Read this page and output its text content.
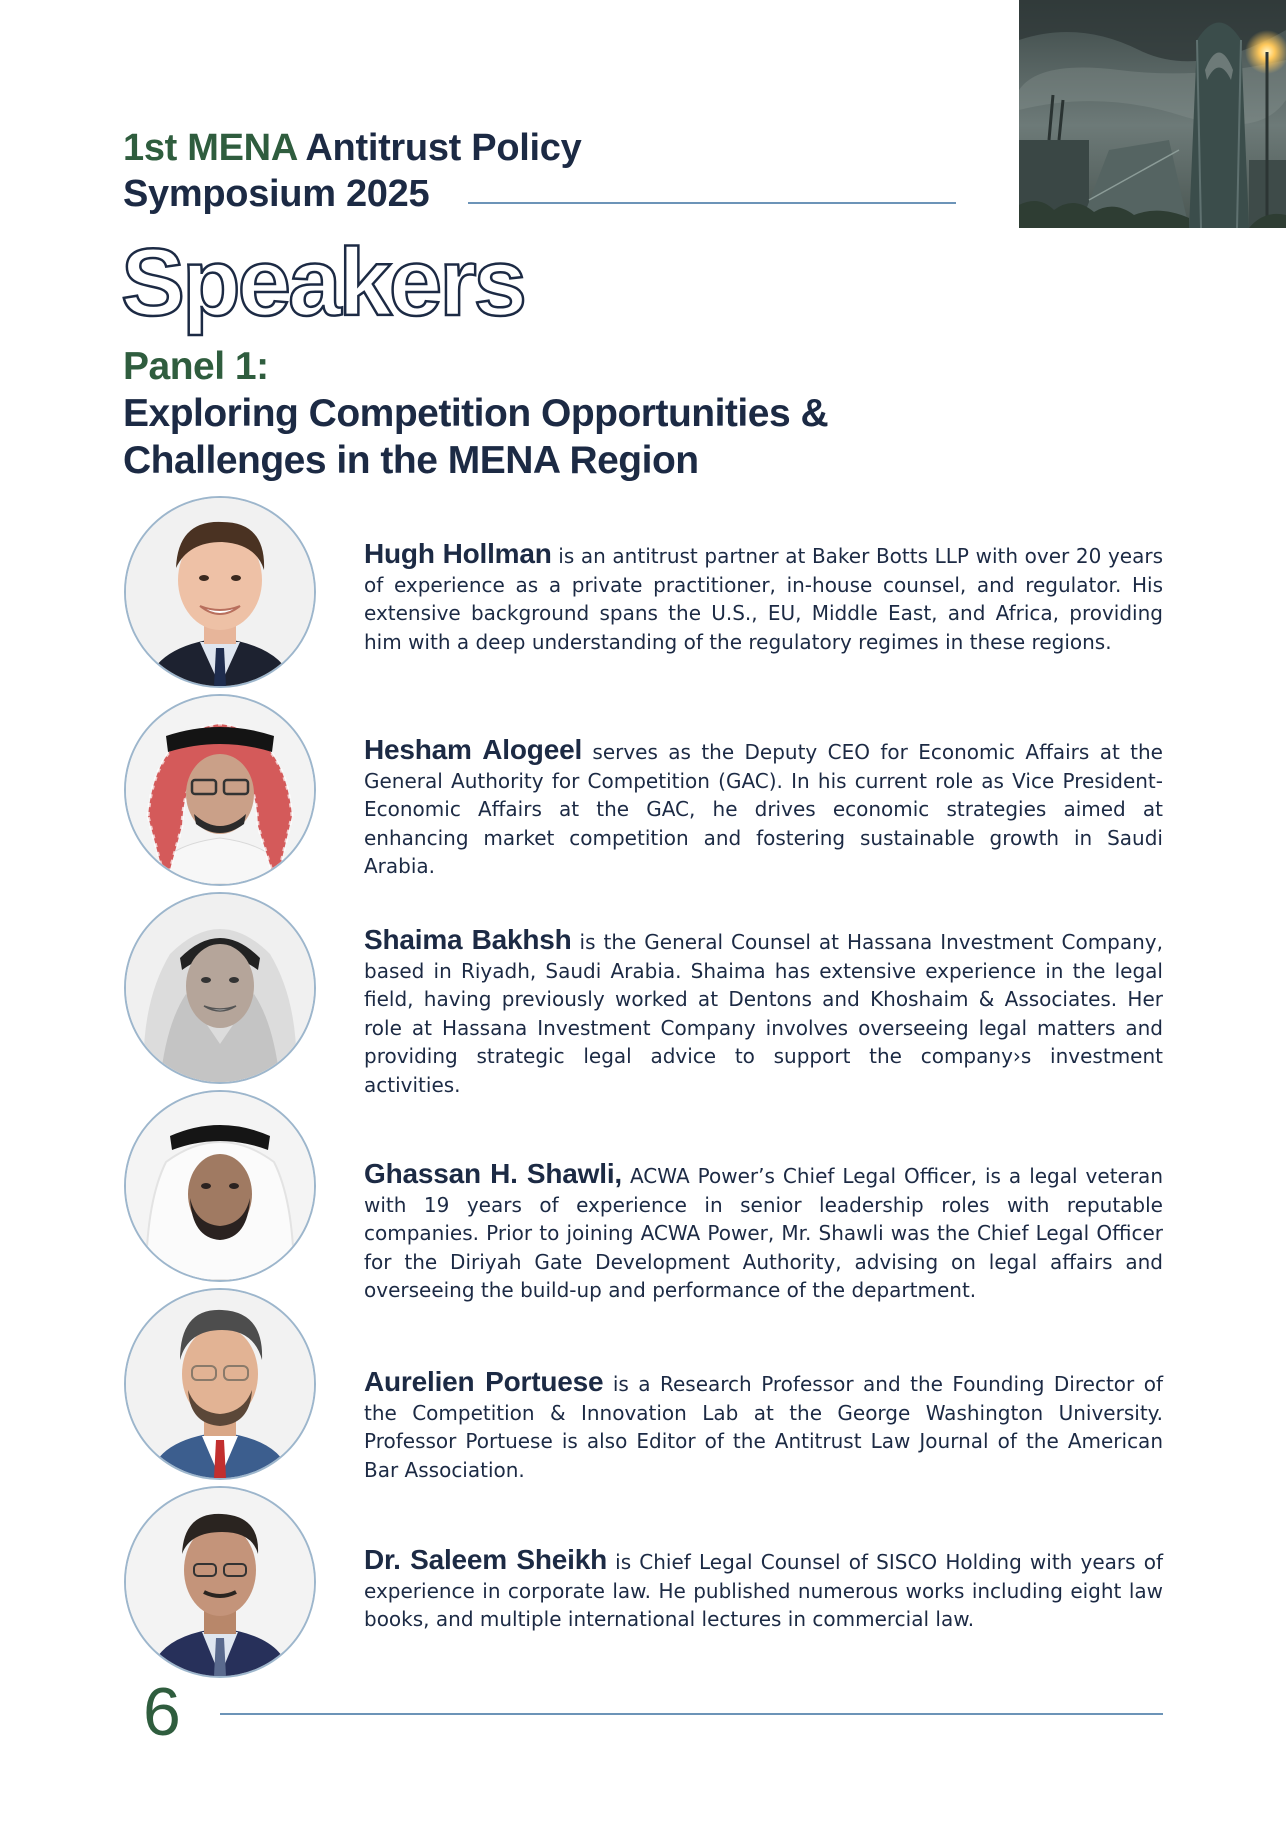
1st MENA Antitrust Policy
Symposium 2025
Speakers
Panel 1:
Exploring Competition Opportunities & Challenges in the MENA Region
Hugh Hollman is an antitrust partner at Baker Botts LLP with over 20 years of experience as a private practitioner, in-house counsel, and regulator. His extensive background spans the U.S., EU, Middle East, and Africa, providing him with a deep understanding of the regulatory regimes in these regions.
Hesham Alogeel serves as the Deputy CEO for Economic Affairs at the General Authority for Competition (GAC). In his current role as Vice President-Economic Affairs at the GAC, he drives economic strategies aimed at enhancing market competition and fostering sustainable growth in Saudi Arabia.
Shaima Bakhsh is the General Counsel at Hassana Investment Company, based in Riyadh, Saudi Arabia. Shaima has extensive experience in the legal field, having previously worked at Dentons and Khoshaim & Associates. Her role at Hassana Investment Company involves overseeing legal matters and providing strategic legal advice to support the company›s investment activities.
Ghassan H. Shawli, ACWA Power’s Chief Legal Officer, is a legal veteran with 19 years of experience in senior leadership roles with reputable companies. Prior to joining ACWA Power, Mr. Shawli was the Chief Legal Officer for the Diriyah Gate Development Authority, advising on legal affairs and overseeing the build-up and performance of the department.
Aurelien Portuese is a Research Professor and the Founding Director of the Competition & Innovation Lab at the George Washington University. Professor Portuese is also Editor of the Antitrust Law Journal of the American Bar Association.
Dr. Saleem Sheikh is Chief Legal Counsel of SISCO Holding with years of experience in corporate law. He published numerous works including eight law books, and multiple international lectures in commercial law.
6
